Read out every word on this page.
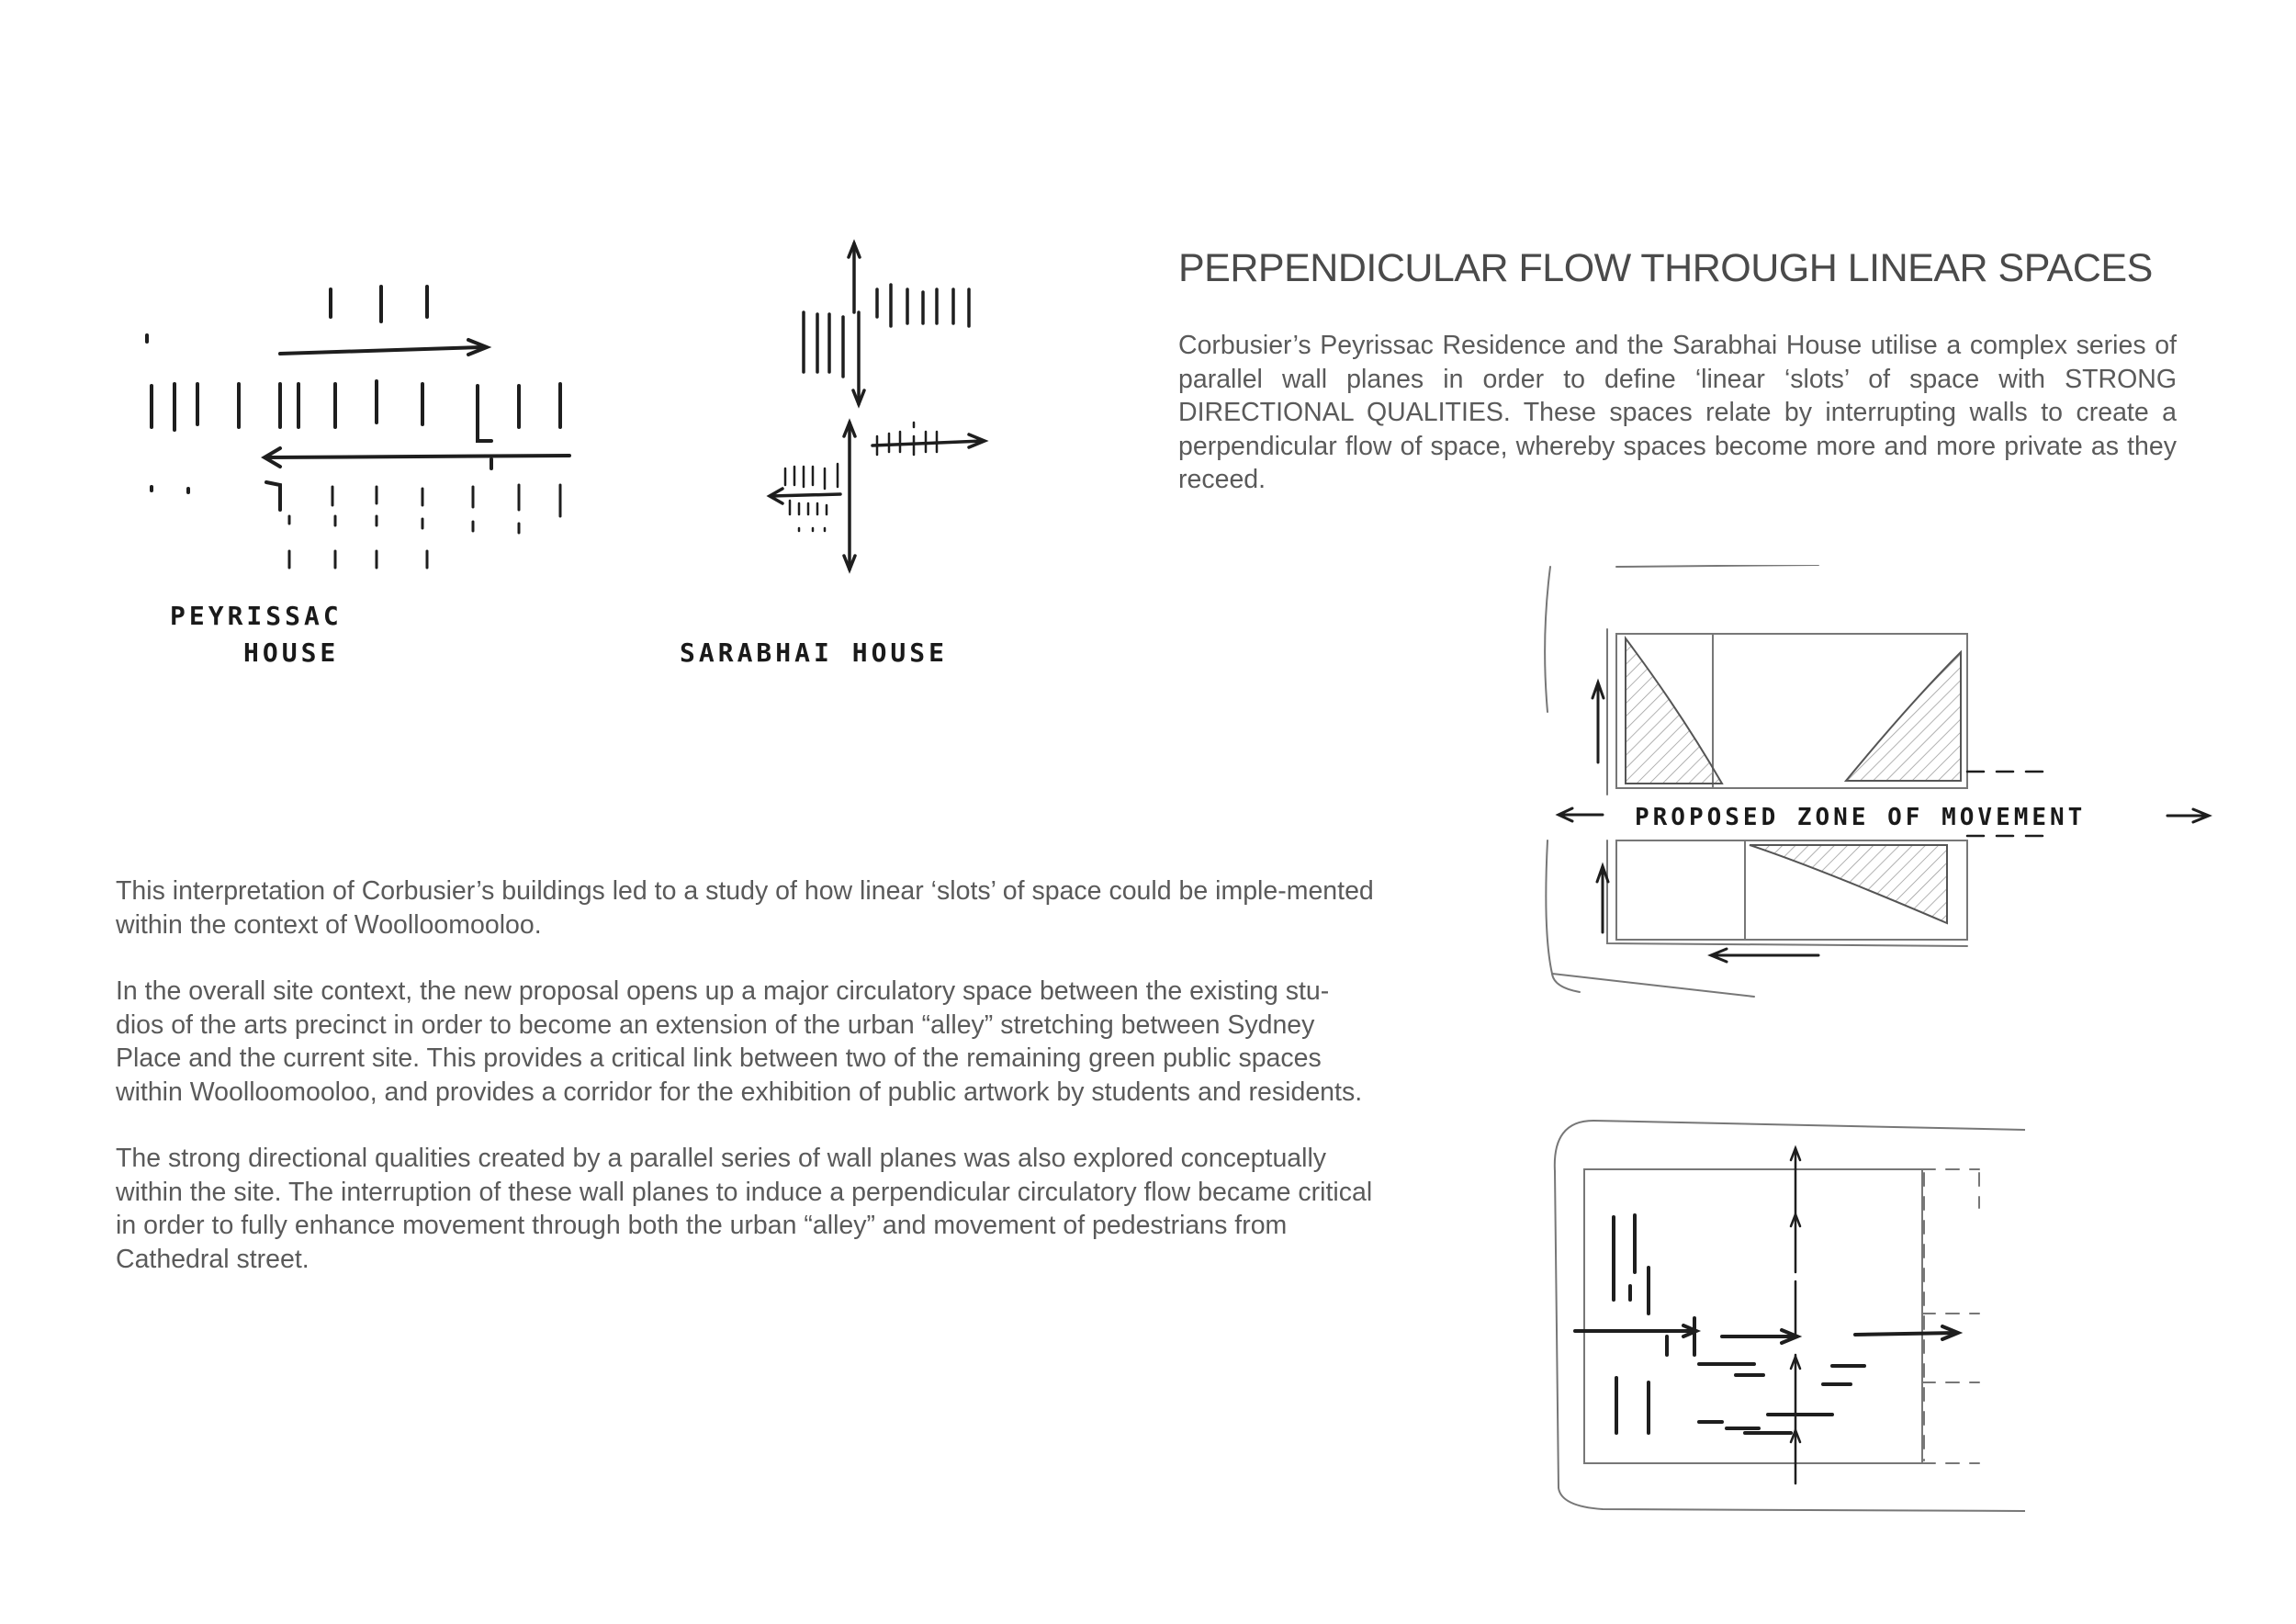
PERPENDICULAR FLOW THROUGH LINEAR SPACES
Corbusier’s Peyrissac Residence and the Sarabhai House utilise a complex series of parallel wall planes in order to define ‘linear ‘slots’ of space with STRONG DIRECTIONAL QUALITIES. These spaces relate by interrupting walls to create a perpendicular flow of space, whereby spaces become more and more private as they receed.

This interpretation of Corbusier’s buildings led to a study of how linear ‘slots’ of space could be imple-mented within the context of Woolloomooloo.

In the overall site context, the new proposal opens up a major circulatory space between the existing stu-dios of the arts precinct in order to become an extension of the urban “alley” stretching between Sydney Place and the current site. This provides a critical link between two of the remaining green public spaces within Woolloomooloo, and provides a corridor for the exhibition of public artwork by students and residents.

The strong directional qualities created by a parallel series of wall planes was also explored conceptually within the site. The interruption of these wall planes to induce a perpendicular circulatory flow became critical in order to fully enhance movement through both the urban “alley” and movement of pedestrians from Cathedral street.

PEYRISSAC
HOUSE	SARABHAI HOUSE
PROPOSED ZONE OF MOVEMENT
